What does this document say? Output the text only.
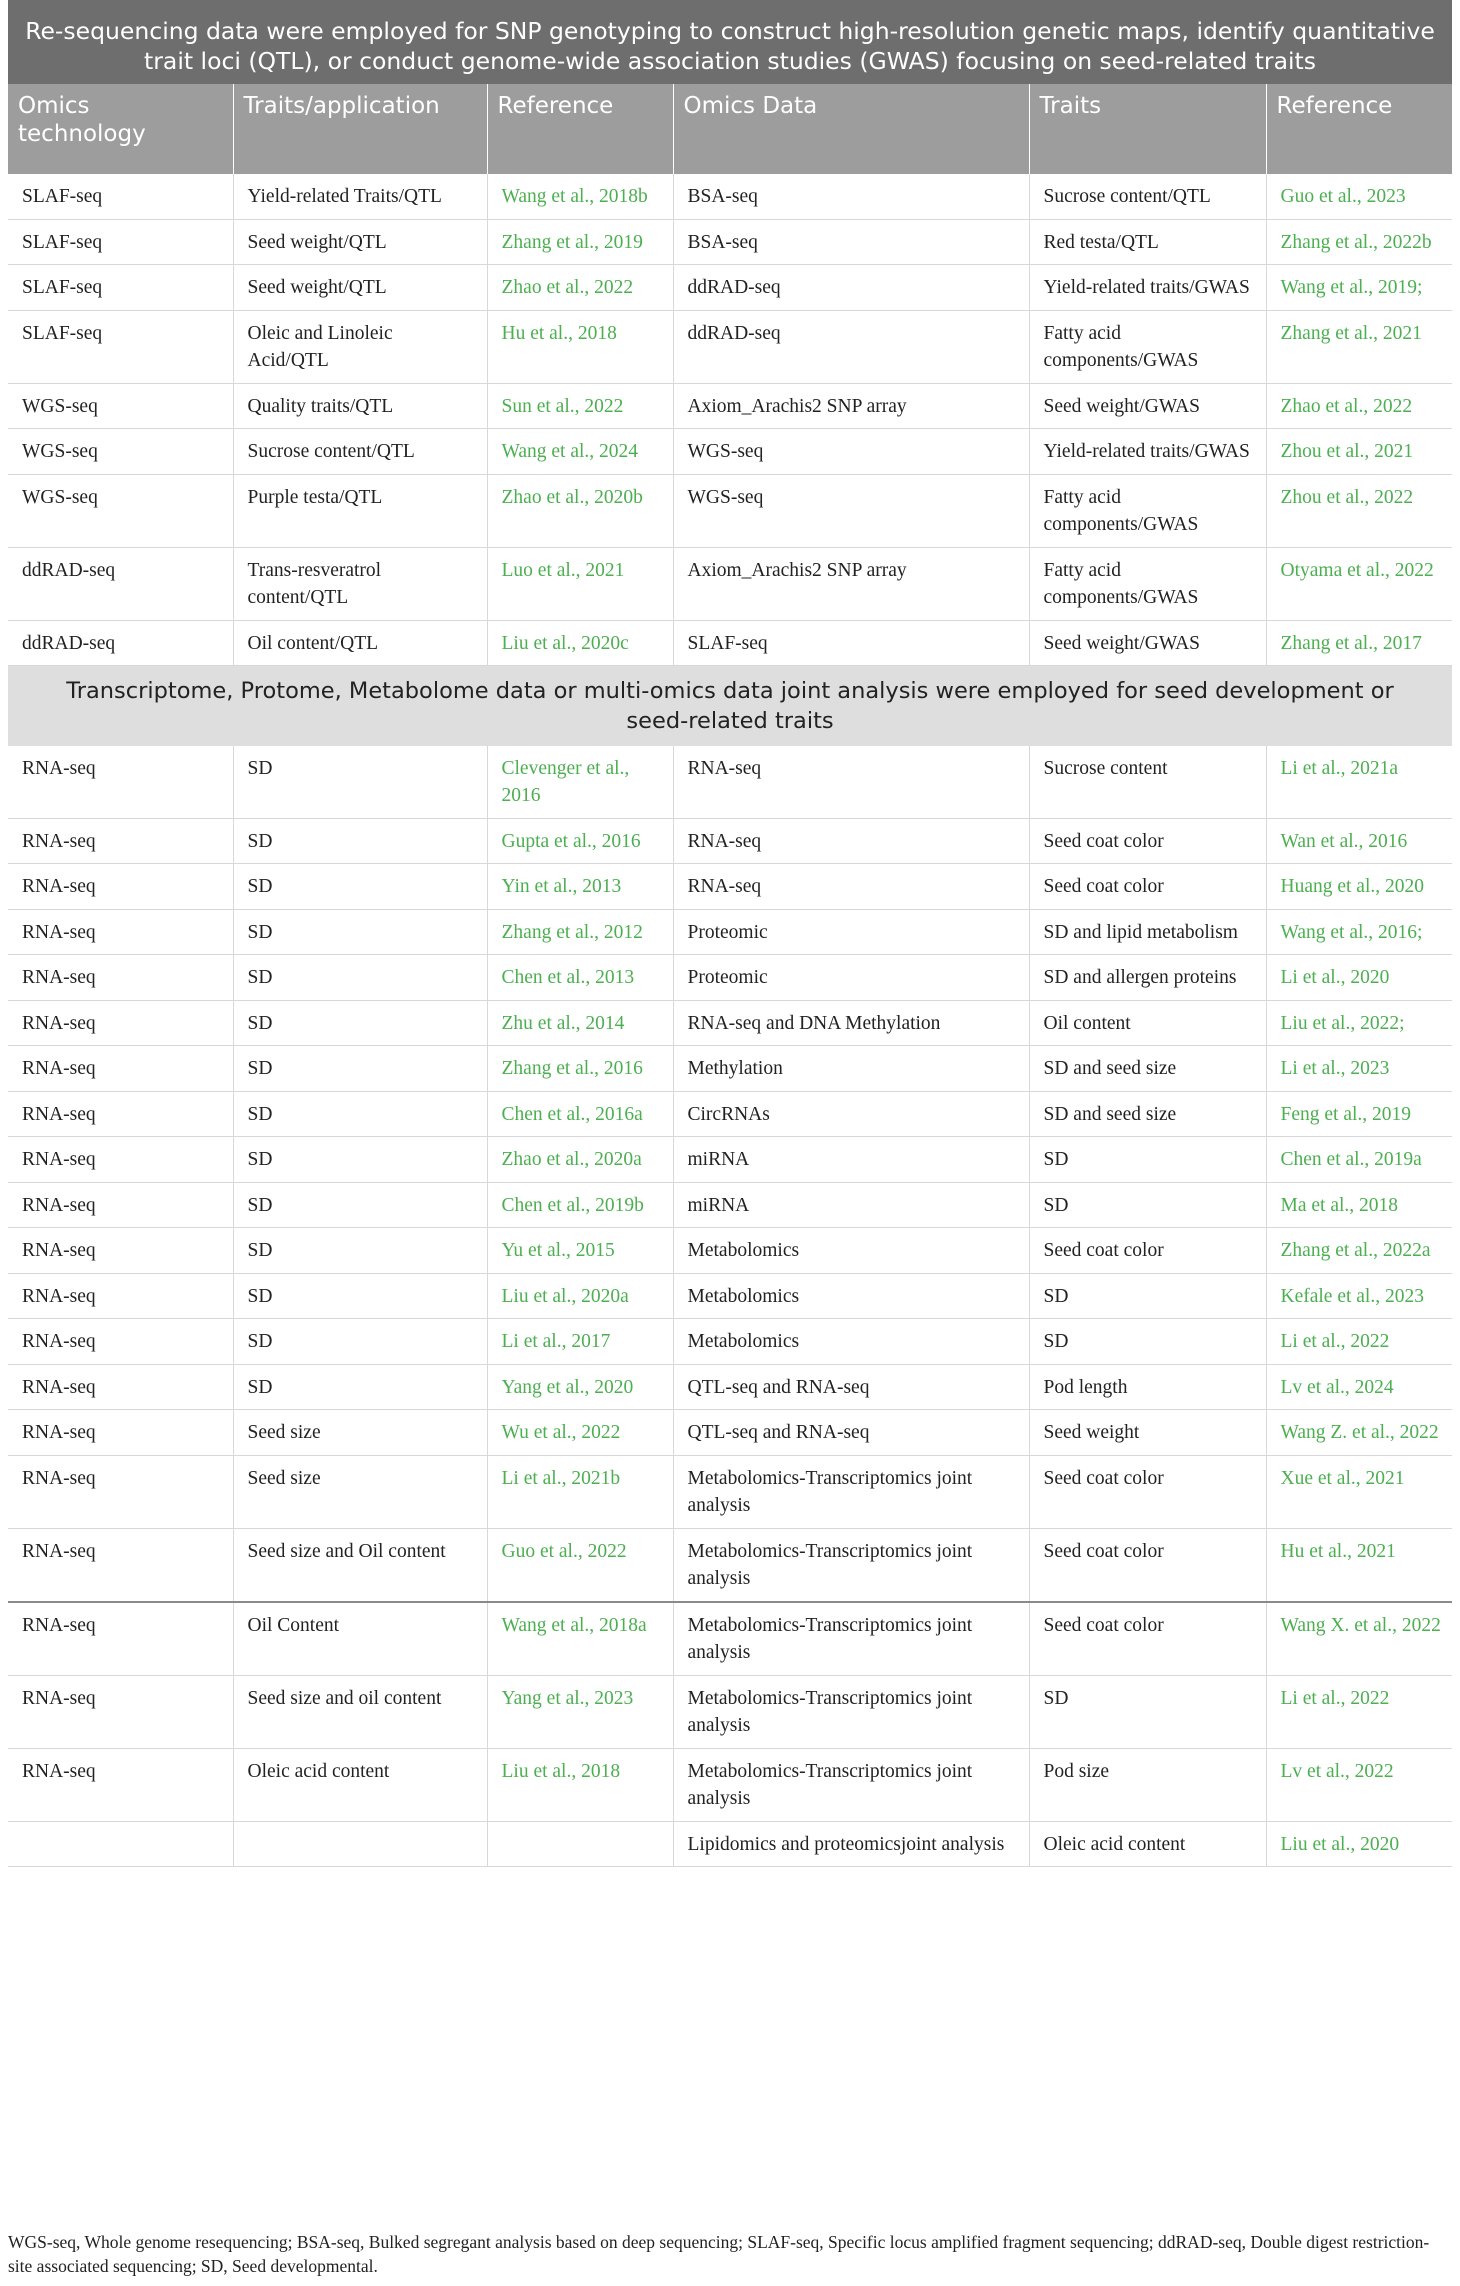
Re-sequencing data were employed for SNP genotyping to construct high-resolution genetic maps, identify quantitative trait loci (QTL), or conduct genome-wide association studies (GWAS) focusing on seed-related traits					
Omics technology	Traits/application	Reference	Omics Data	Traits	Reference
SLAF-seq	Yield-related Traits/QTL	Wang et al., 2018b	BSA-seq	Sucrose content/QTL	Guo et al., 2023
SLAF-seq	Seed weight/QTL	Zhang et al., 2019	BSA-seq	Red testa/QTL	Zhang et al., 2022b
SLAF-seq	Seed weight/QTL	Zhao et al., 2022	ddRAD-seq	Yield-related traits/GWAS	Wang et al., 2019;
SLAF-seq	Oleic and Linoleic Acid/QTL	Hu et al., 2018	ddRAD-seq	Fatty acid components/GWAS	Zhang et al., 2021
WGS-seq	Quality traits/QTL	Sun et al., 2022	Axiom_Arachis2 SNP array	Seed weight/GWAS	Zhao et al., 2022
WGS-seq	Sucrose content/QTL	Wang et al., 2024	WGS-seq	Yield-related traits/GWAS	Zhou et al., 2021
WGS-seq	Purple testa/QTL	Zhao et al., 2020b	WGS-seq	Fatty acid components/GWAS	Zhou et al., 2022
ddRAD-seq	Trans-resveratrol content/QTL	Luo et al., 2021	Axiom_Arachis2 SNP array	Fatty acid components/GWAS	Otyama et al., 2022
ddRAD-seq	Oil content/QTL	Liu et al., 2020c	SLAF-seq	Seed weight/GWAS	Zhang et al., 2017
Transcriptome, Protome, Metabolome data or multi-omics data joint analysis were employed for seed development or seed-related traits					
RNA-seq	SD	Clevenger et al., 2016	RNA-seq	Sucrose content	Li et al., 2021a
RNA-seq	SD	Gupta et al., 2016	RNA-seq	Seed coat color	Wan et al., 2016
RNA-seq	SD	Yin et al., 2013	RNA-seq	Seed coat color	Huang et al., 2020
RNA-seq	SD	Zhang et al., 2012	Proteomic	SD and lipid metabolism	Wang et al., 2016;
RNA-seq	SD	Chen et al., 2013	Proteomic	SD and allergen proteins	Li et al., 2020
RNA-seq	SD	Zhu et al., 2014	RNA-seq and DNA Methylation	Oil content	Liu et al., 2022;
RNA-seq	SD	Zhang et al., 2016	Methylation	SD and seed size	Li et al., 2023
RNA-seq	SD	Chen et al., 2016a	CircRNAs	SD and seed size	Feng et al., 2019
RNA-seq	SD	Zhao et al., 2020a	miRNA	SD	Chen et al., 2019a
RNA-seq	SD	Chen et al., 2019b	miRNA	SD	Ma et al., 2018
RNA-seq	SD	Yu et al., 2015	Metabolomics	Seed coat color	Zhang et al., 2022a
RNA-seq	SD	Liu et al., 2020a	Metabolomics	SD	Kefale et al., 2023
RNA-seq	SD	Li et al., 2017	Metabolomics	SD	Li et al., 2022
RNA-seq	SD	Yang et al., 2020	QTL-seq and RNA-seq	Pod length	Lv et al., 2024
RNA-seq	Seed size	Wu et al., 2022	QTL-seq and RNA-seq	Seed weight	Wang Z. et al., 2022
RNA-seq	Seed size	Li et al., 2021b	Metabolomics-Transcriptomics joint analysis	Seed coat color	Xue et al., 2021
RNA-seq	Seed size and Oil content	Guo et al., 2022	Metabolomics-Transcriptomics joint analysis	Seed coat color	Hu et al., 2021
RNA-seq	Oil Content	Wang et al., 2018a	Metabolomics-Transcriptomics joint analysis	Seed coat color	Wang X. et al., 2022
RNA-seq	Seed size and oil content	Yang et al., 2023	Metabolomics-Transcriptomics joint analysis	SD	Li et al., 2022
RNA-seq	Oleic acid content	Liu et al., 2018	Metabolomics-Transcriptomics joint analysis	Pod size	Lv et al., 2022
			Lipidomics and proteomicsjoint analysis	Oleic acid content	Liu et al., 2020
WGS-seq, Whole genome resequencing; BSA-seq, Bulked segregant analysis based on deep sequencing; SLAF-seq, Specific locus amplified fragment sequencing; ddRAD-seq, Double digest restriction-site associated sequencing; SD, Seed developmental.
